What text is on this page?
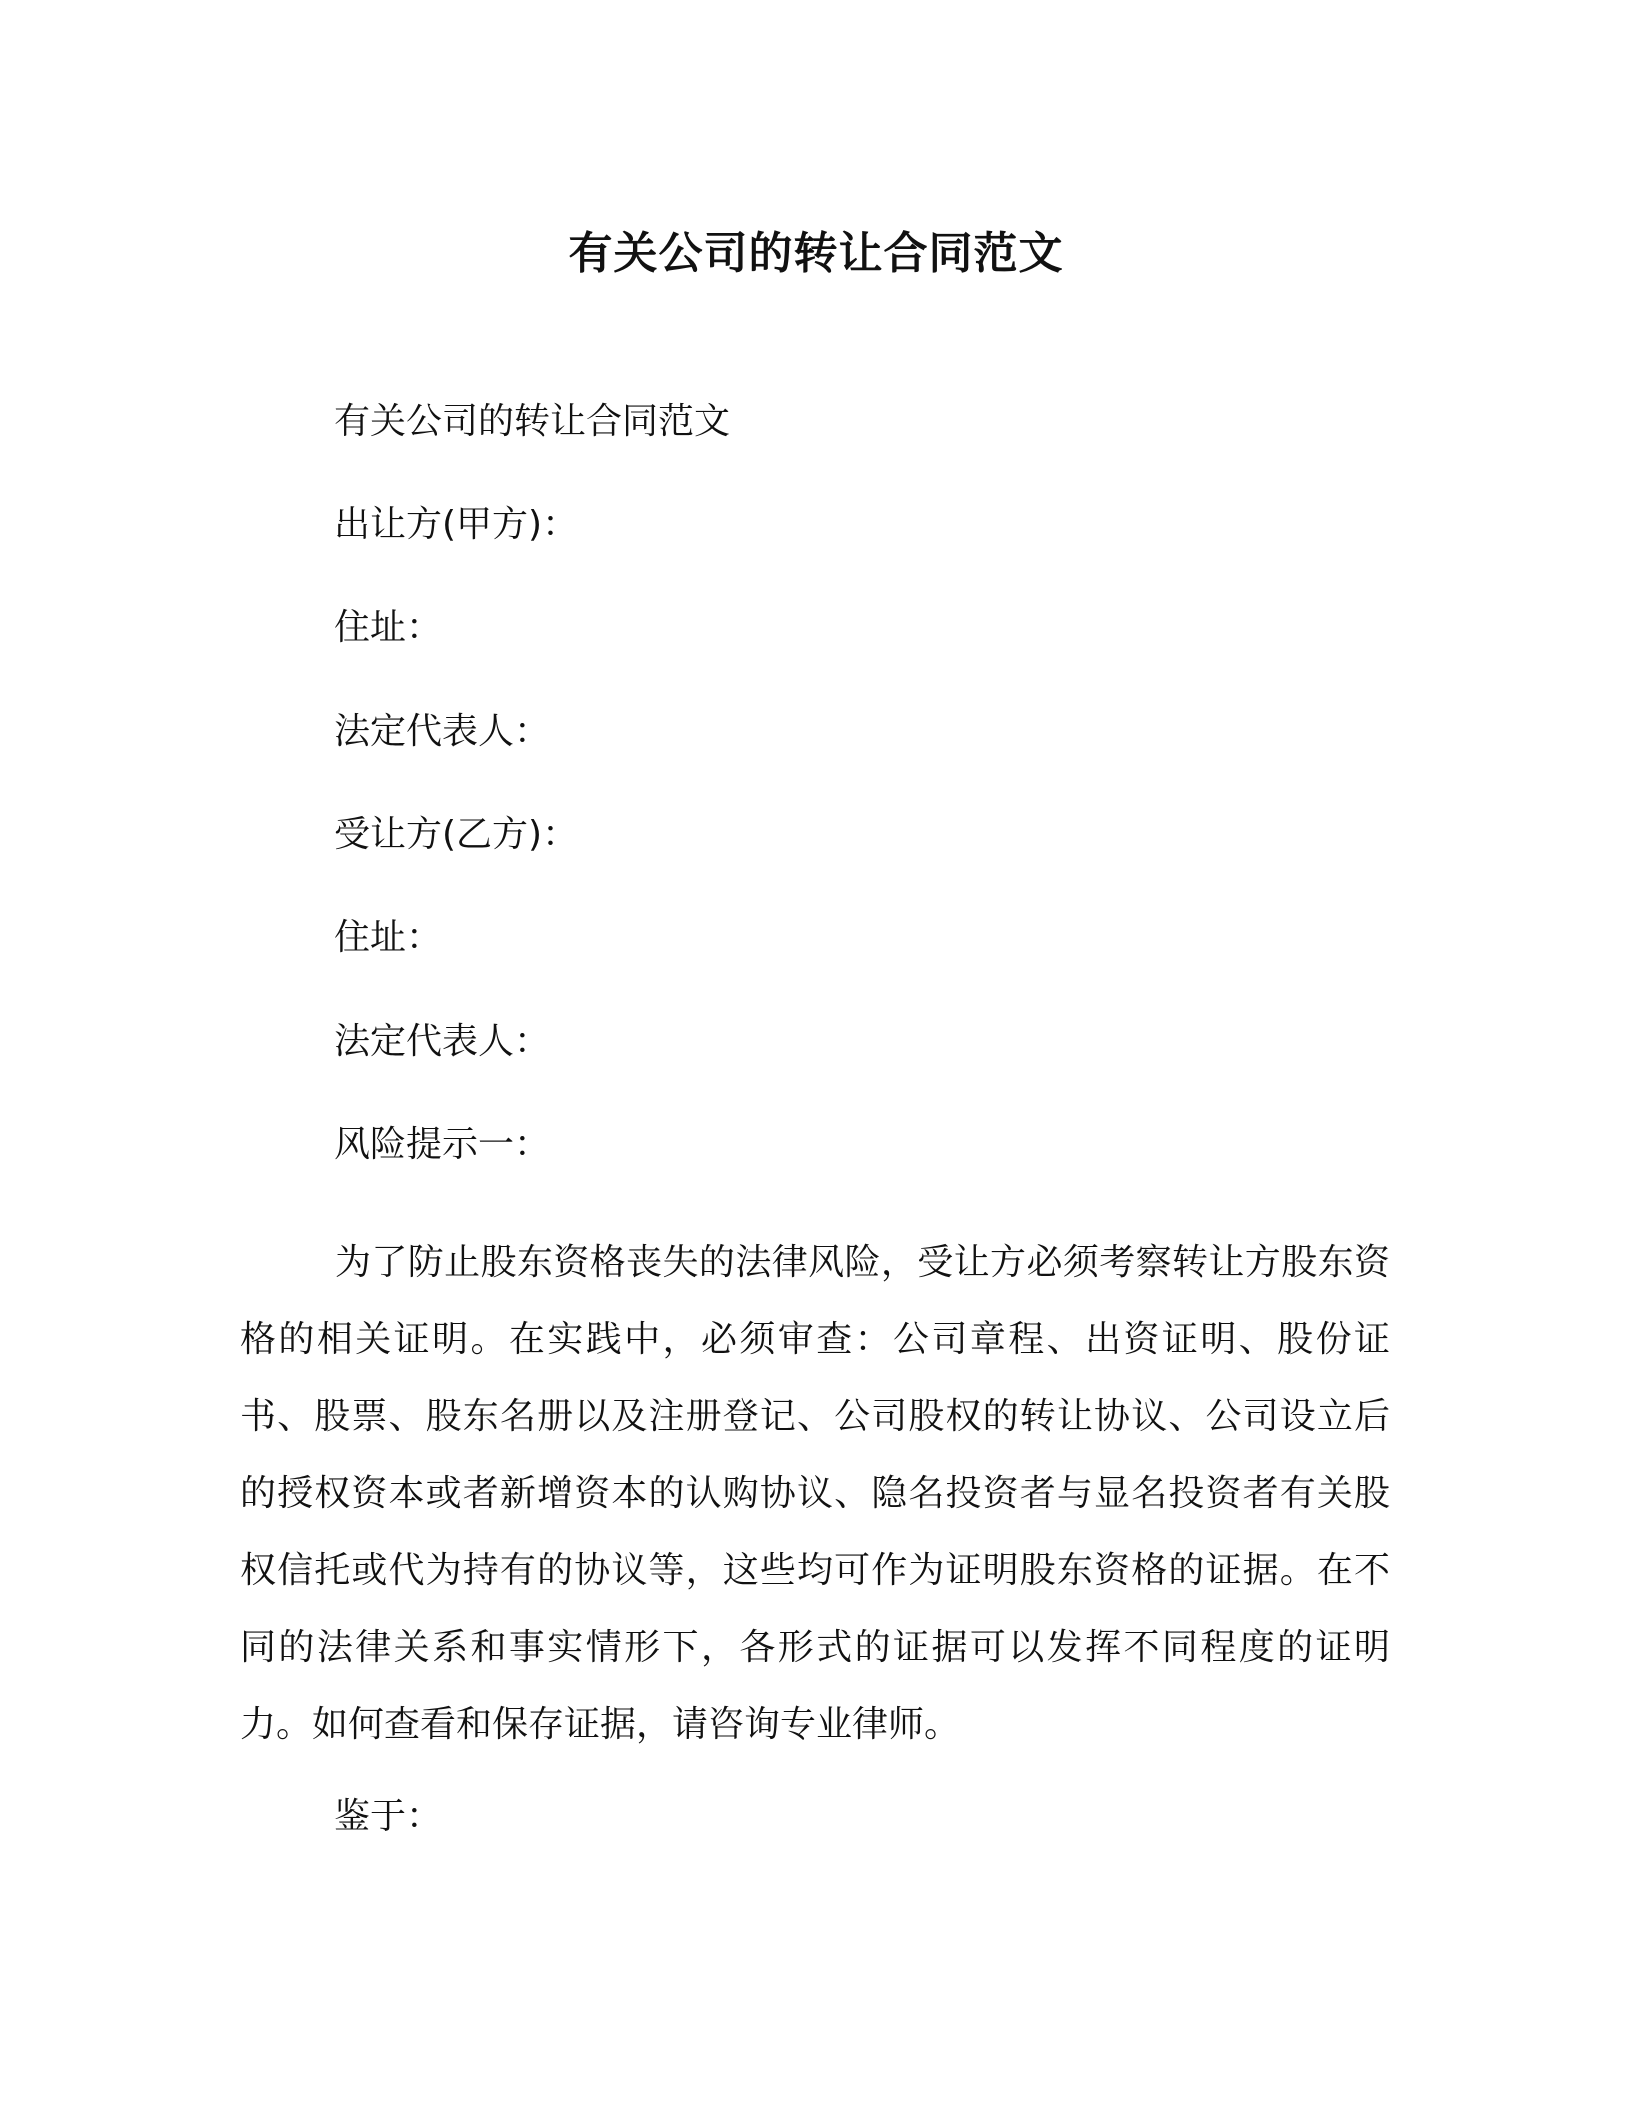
有关公司的转让合同范文

有关公司的转让合同范文

出让方(甲方)：

住址：

法定代表人：

受让方(乙方)：

住址：

法定代表人：

风险提示一：

为了防止股东资格丧失的法律风险，受让方必须考察转让方股东资格的相关证明。在实践中，必须审查：公司章程、出资证明、股份证书、股票、股东名册以及注册登记、公司股权的转让协议、公司设立后的授权资本或者新增资本的认购协议、隐名投资者与显名投资者有关股权信托或代为持有的协议等，这些均可作为证明股东资格的证据。在不同的法律关系和事实情形下，各形式的证据可以发挥不同程度的证明力。如何查看和保存证据，请咨询专业律师。

鉴于：
